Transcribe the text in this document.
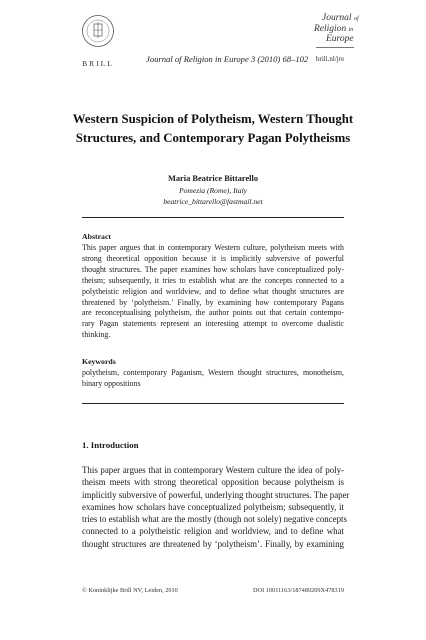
BRILL	Journal of Religion in Europe 3 (2010) 68–102
Journal of
Religion in
Europe
brill.nl/jre
Western Suspicion of Polytheism, Western Thought
Structures, and Contemporary Pagan Polytheisms
Maria Beatrice Bittarello
Pomezia (Rome), Italy
beatrice_bittarello@fastmail.net
Abstract
This paper argues that in contemporary Western culture, polytheism meets with
strong theoretical opposition because it is implicitly subversive of powerful
thought structures. The paper examines how scholars have conceptualized poly-
theism; subsequently, it tries to establish what are the concepts connected to a
polytheistic religion and worldview, and to define what thought structures are
threatened by ‘polytheism.’ Finally, by examining how contemporary Pagans
are reconceptualising polytheism, the author points out that certain contempo-
rary Pagan statements represent an interesting attempt to overcome dualistic
thinking.
Keywords
polytheism, contemporary Paganism, Western thought structures, monotheism,
binary oppositions
1. Introduction
This paper argues that in contemporary Western culture the idea of poly-
theism meets with strong theoretical opposition because polytheism is
implicitly subversive of powerful, underlying thought structures. The paper
examines how scholars have conceptualized polytheism; subsequently, it
tries to establish what are the mostly (though not solely) negative concepts
connected to a polytheistic religion and worldview, and to define what
thought structures are threatened by ‘polytheism’. Finally, by examining
© Koninklijke Brill NV, Leiden, 2010	DOI 10011163/187489209X478319
